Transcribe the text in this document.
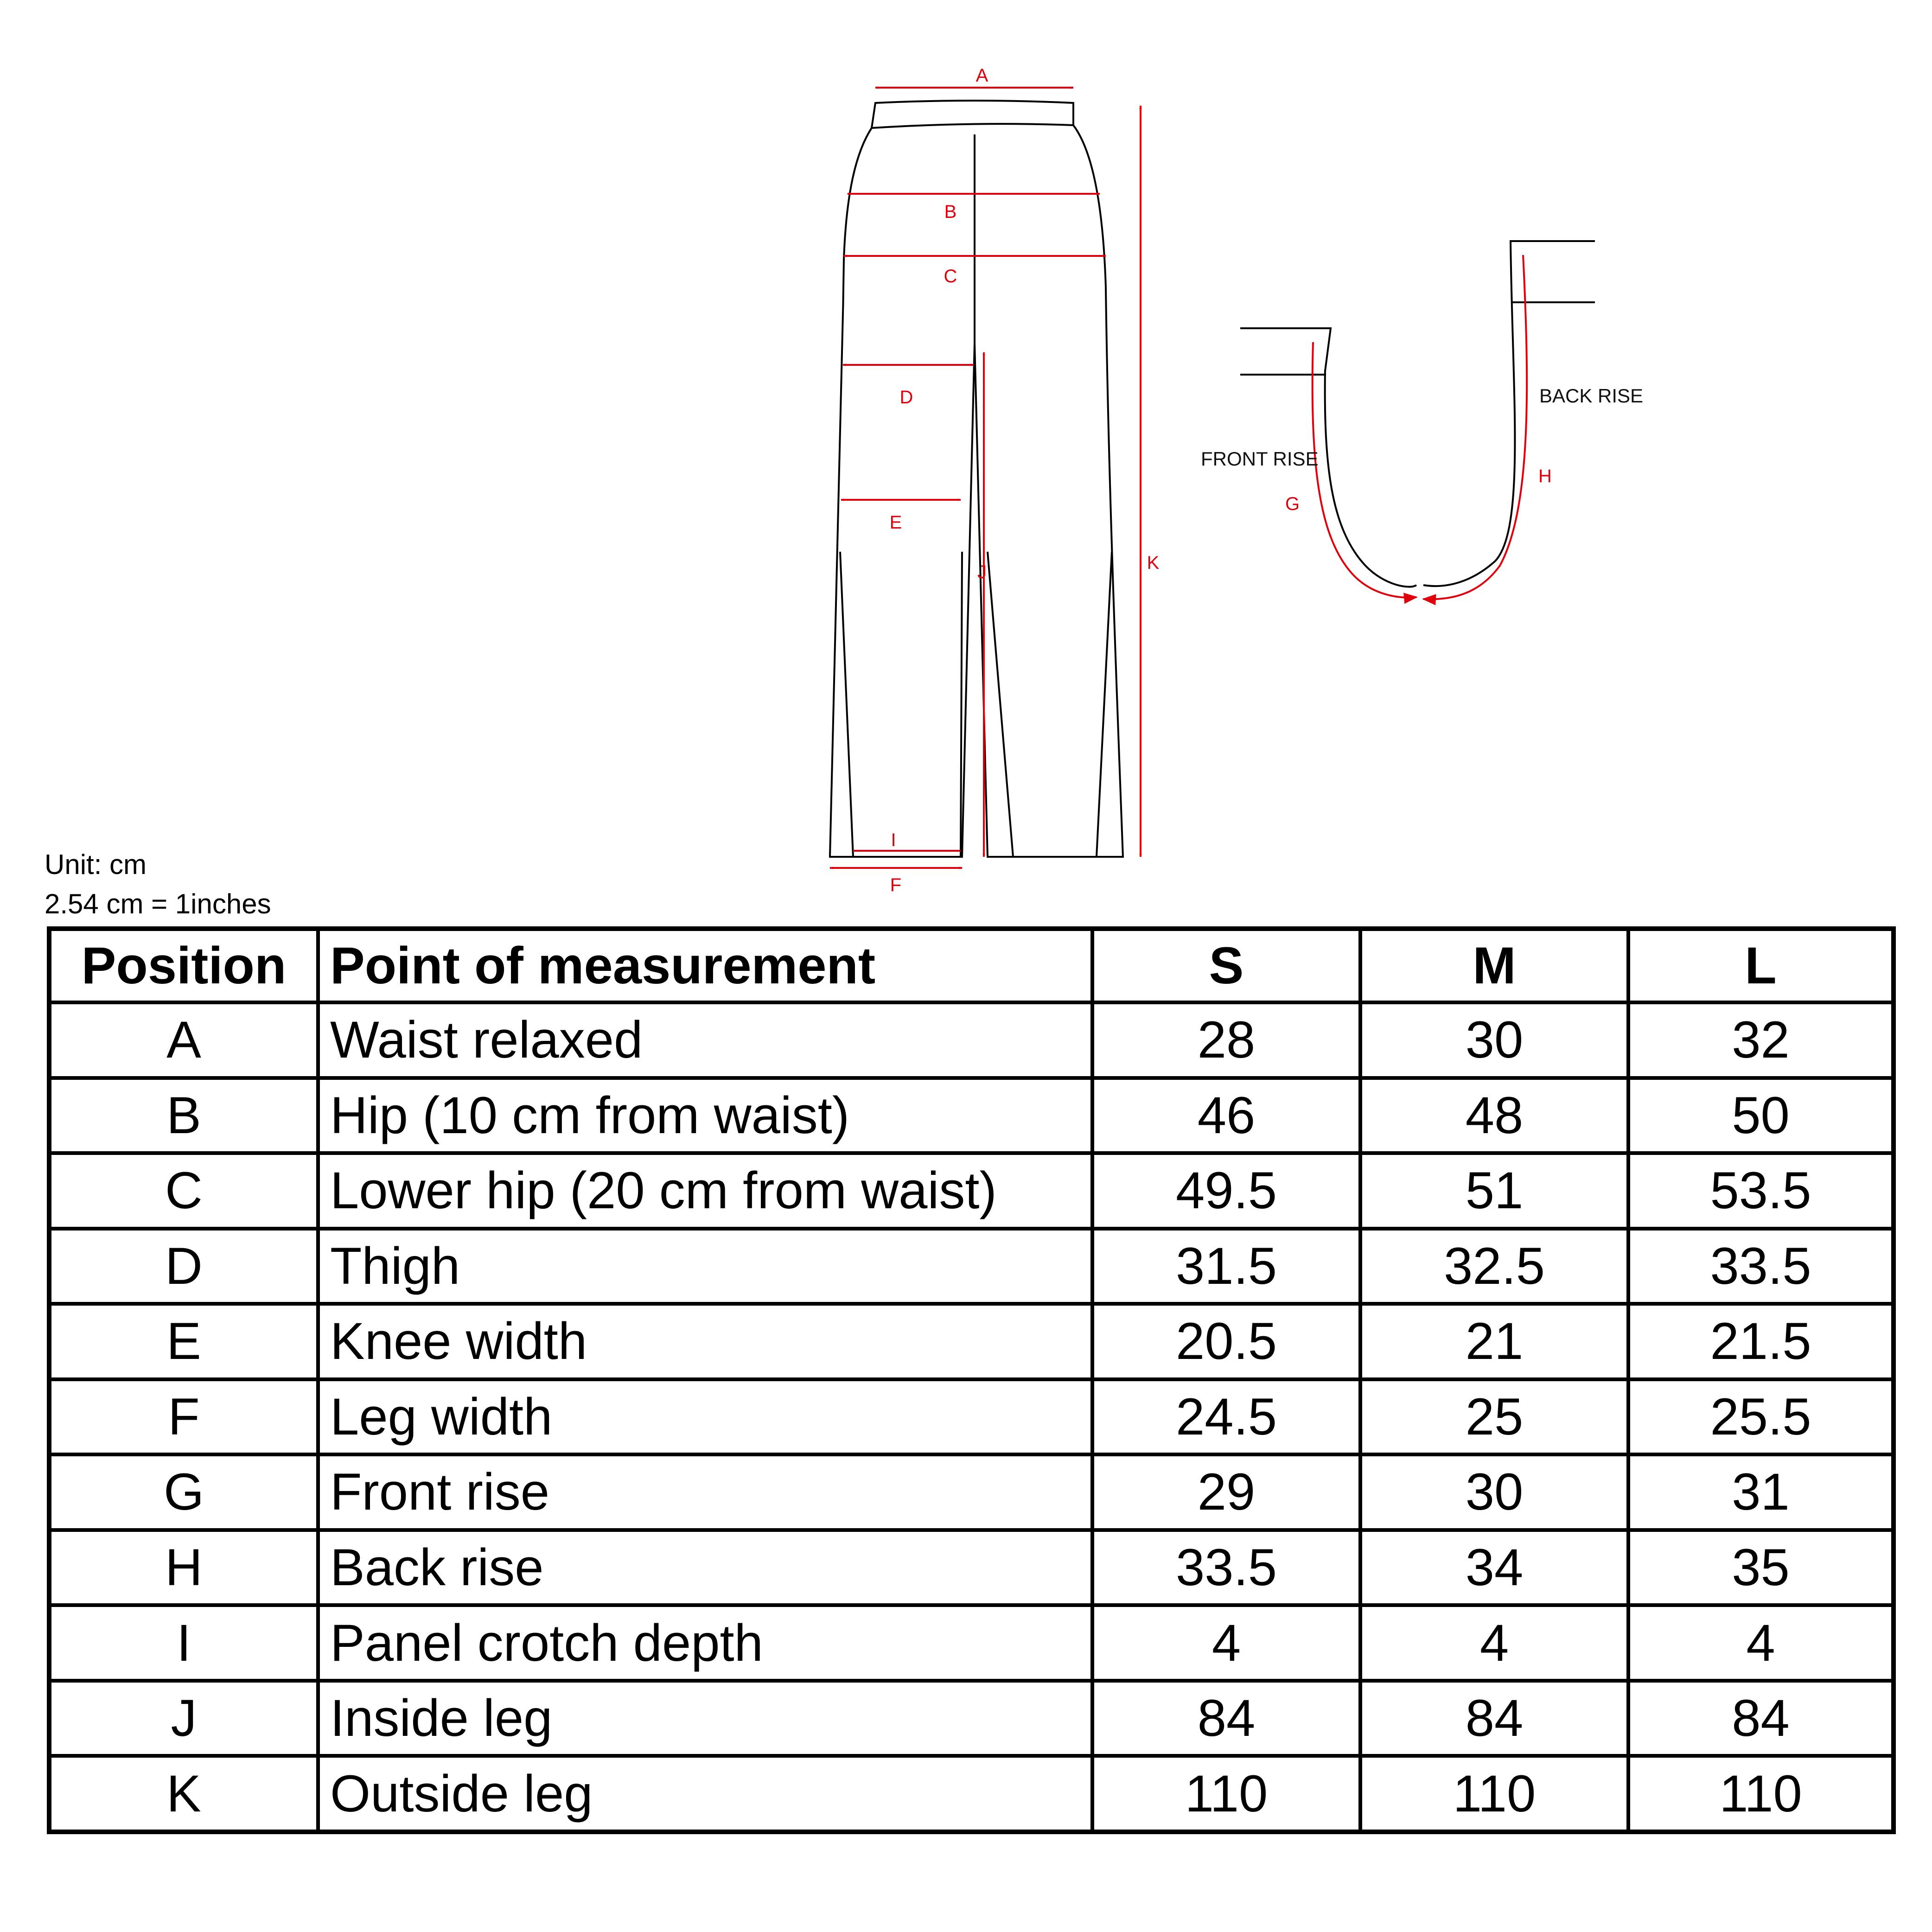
A
B
C
D
E
I
F
J	K
FRONT RISE
G
BACK RISE
H
Unit: cm
2.54 cm = 1inches
Position	Point of measurement	S	M	L
A	Waist relaxed	28	30	32
B	Hip (10 cm from waist)	46	48	50
C	Lower hip (20 cm from waist)	49.5	51	53.5
D	Thigh	31.5	32.5	33.5
E	Knee width	20.5	21	21.5
F	Leg width	24.5	25	25.5
G	Front rise	29	30	31
H	Back rise	33.5	34	35
I	Panel crotch depth	4	4	4
J	Inside leg	84	84	84
K	Outside leg	110	110	110
